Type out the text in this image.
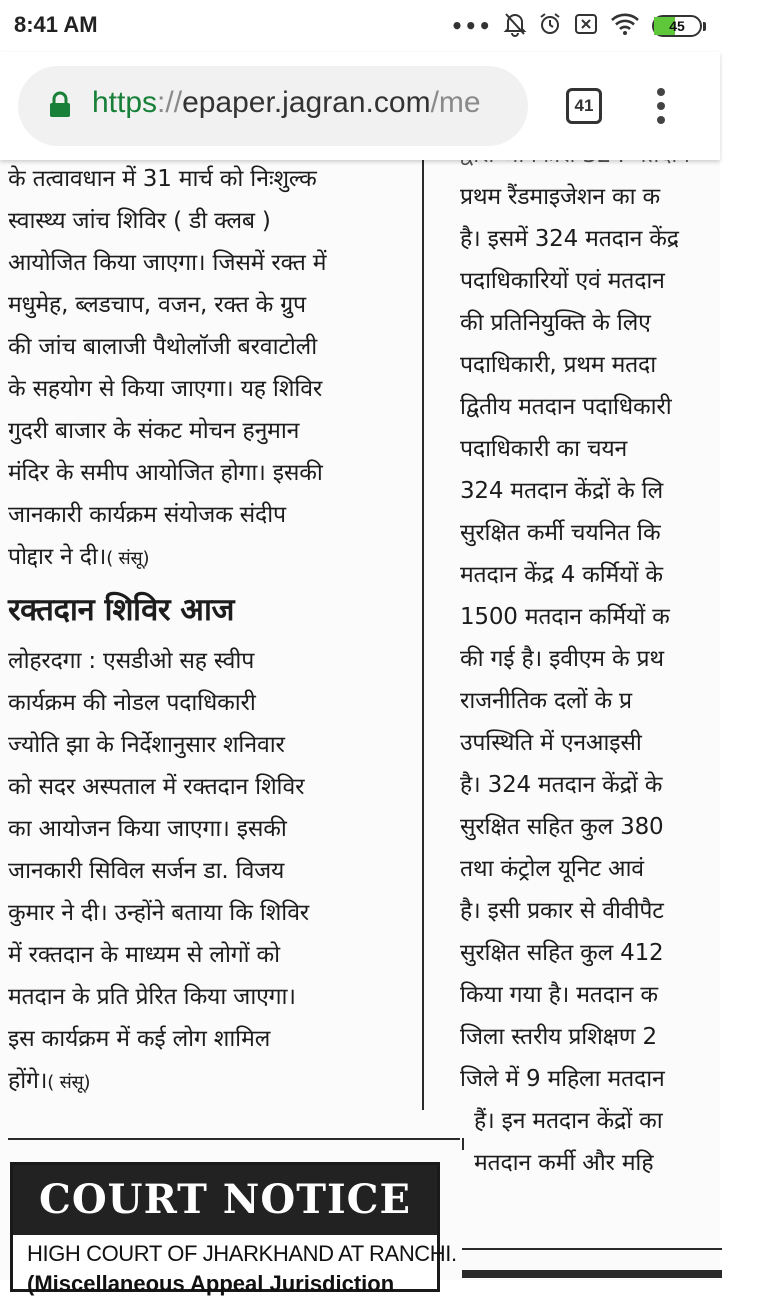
8:41 AM	•••	45
https://epaper.jagran.com/me	41
के तत्वावधान में 31 मार्च को निःशुल्क
स्वास्थ्य जांच शिविर ( डी क्लब )
आयोजित किया जाएगा। जिसमें रक्त में
मधुमेह, ब्लडचाप, वजन, रक्त के ग्रुप
की जांच बालाजी पैथोलॉजी बरवाटोली
के सहयोग से किया जाएगा। यह शिविर
गुदरी बाजार के संकट मोचन हनुमान
मंदिर के समीप आयोजित होगा। इसकी
जानकारी कार्यक्रम संयोजक संदीप
पोद्दार ने दी।( संसू)
रक्तदान शिविर आज
लोहरदगा : एसडीओ सह स्वीप
कार्यक्रम की नोडल पदाधिकारी
ज्योति झा के निर्देशानुसार शनिवार
को सदर अस्पताल में रक्तदान शिविर
का आयोजन किया जाएगा। इसकी
जानकारी सिविल सर्जन डा. विजय
कुमार ने दी। उन्होंने बताया कि शिविर
में रक्तदान के माध्यम से लोगों को
मतदान के प्रति प्रेरित किया जाएगा।
इस कार्यक्रम में कई लोग शामिल
होंगे।( संसू)
प्रथम रैंडमाइजेशन का क
है। इसमें 324 मतदान केंद्र
पदाधिकारियों एवं मतदान
की प्रतिनियुक्ति के लिए
पदाधिकारी, प्रथम मतदा
द्वितीय मतदान पदाधिकारी
पदाधिकारी का चयन
324 मतदान केंद्रों के लि
सुरक्षित कर्मी चयनित कि
मतदान केंद्र 4 कर्मियों के
1500 मतदान कर्मियों क
की गई है। इवीएम के प्रथ
राजनीतिक दलों के प्र
उपस्थिति में एनआइसी
है। 324 मतदान केंद्रों के
सुरक्षित सहित कुल 380
तथा कंट्रोल यूनिट आवं
है। इसी प्रकार से वीवीपैट
सुरक्षित सहित कुल 412
किया गया है। मतदान क
जिला स्तरीय प्रशिक्षण 2
जिले में 9 महिला मतदान
हैं। इन मतदान केंद्रों का
मतदान कर्मी और महि
COURT NOTICE
HIGH COURT OF JHARKHAND AT RANCHI.
(Miscellaneous Appeal Jurisdiction
